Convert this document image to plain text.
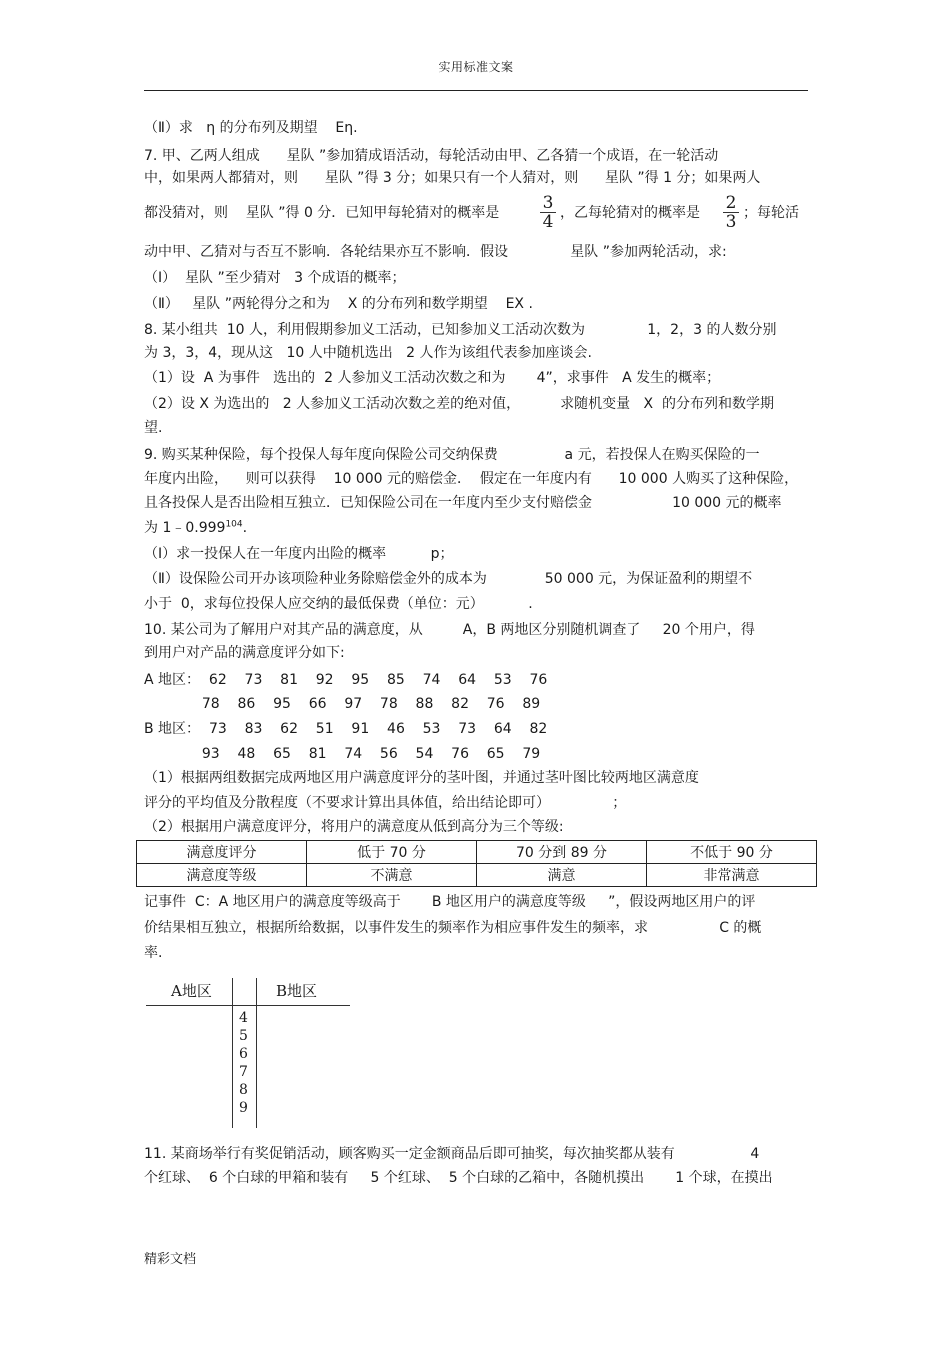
实用标准文案
（Ⅱ）求   η 的分布列及期望    Eη.
7. 甲、乙两人组成      星队 ”参加猜成语活动，每轮活动由甲、乙各猜一个成语，在一轮活动
中，如果两人都猜对，则      星队 ”得 3 分；如果只有一个人猜对，则      星队 ”得 1 分；如果两人
都没猜对，则    星队 ”得 0 分．已知甲每轮猜对的概率是	3
4 ，乙每轮猜对的概率是 2
3 ；每轮活
动中甲、乙猜对与否互不影响．各轮结果亦互不影响．假设              星队 ”参加两轮活动，求:
（Ⅰ）  星队 ”至少猜对   3 个成语的概率；
（Ⅱ）   星队 ”两轮得分之和为    X 的分布列和数学期望    EX .
8. 某小组共  10 人，利用假期参加义工活动，已知参加义工活动次数为              1，2，3 的人数分别
为 3，3，4，现从这   10 人中随机选出   2 人作为该组代表参加座谈会.
（1）设  A 为事件   选出的  2 人参加义工活动次数之和为       4”，求事件   A 发生的概率；
（2）设 X 为选出的   2 人参加义工活动次数之差的绝对值，         求随机变量   X  的分布列和数学期
望.
9. 购买某种保险，每个投保人每年度向保险公司交纳保费               a 元，若投保人在购买保险的一
年度内出险，    则可以获得    10 000 元的赔偿金．  假定在一年度内有      10 000 人购买了这种保险，
且各投保人是否出险相互独立．已知保险公司在一年度内至少支付赔偿金                  10 000 元的概率
为 1﹣0.999$^{104}$.
（Ⅰ）求一投保人在一年度内出险的概率          p；
（Ⅱ）设保险公司开办该项险种业务除赔偿金外的成本为             50 000 元，为保证盈利的期望不
小于  0，求每位投保人应交纳的最低保费（单位：元）          .
10. 某公司为了解用户对其产品的满意度，从         A，B 两地区分别随机调查了     20 个用户，得
到用户对产品的满意度评分如下:
A 地区：  62    73    81    92    95    85    74    64    53    76
78    86    95    66    97    78    88    82    76    89
B 地区：  73    83    62    51    91    46    53    73    64    82
93    48    65    81    74    56    54    76    65    79
（1）根据两组数据完成两地区用户满意度评分的茎叶图，并通过茎叶图比较两地区满意度
评分的平均值及分散程度（不要求计算出具体值，给出结论即可）              ；
（2）根据用户满意度评分，将用户的满意度从低到高分为三个等级:
满意度评分	低于 70 分	70 分到 89 分	不低于 90 分
满意度等级	不满意	满意	非常满意
记事件  C：A 地区用户的满意度等级高于       B 地区用户的满意度等级     ”，假设两地区用户的评
价结果相互独立，根据所给数据，以事件发生的频率作为相应事件发生的频率，求                C 的概
率.
A地区	B地区
4
5
6
7
8
9
11. 某商场举行有奖促销活动，顾客购买一定金额商品后即可抽奖，每次抽奖都从装有                 4
个红球、  6 个白球的甲箱和装有     5 个红球、  5 个白球的乙箱中，各随机摸出       1 个球，在摸出
精彩文档
